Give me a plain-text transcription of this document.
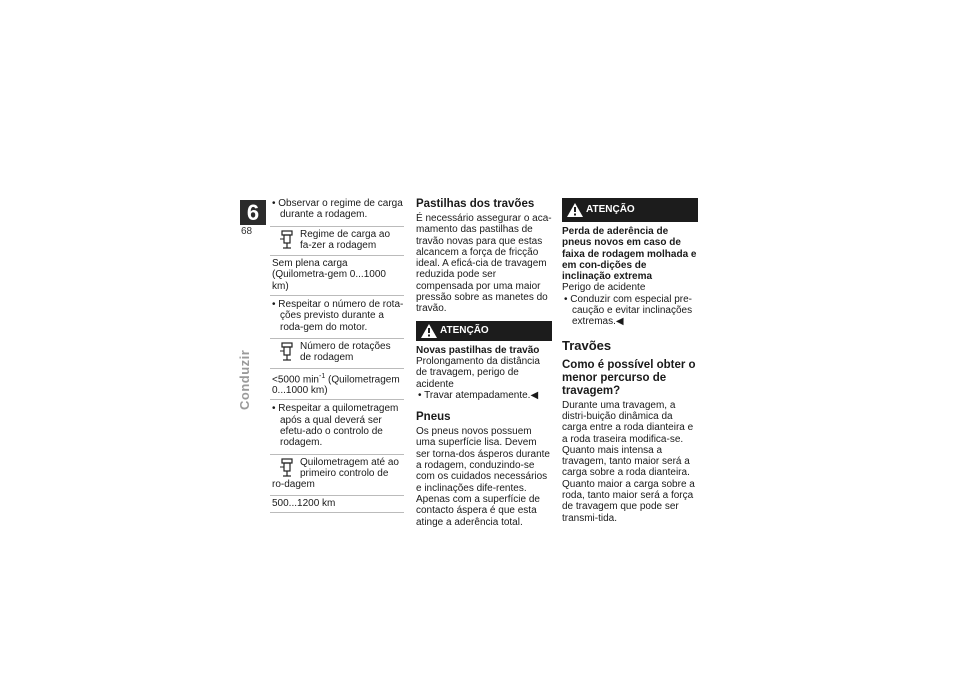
6
68
Conduzir
• Observar o regime de carga durante a rodagem.
Regime de carga ao fa-zer a rodagem
Sem plena carga (Quilometra-gem 0...1000 km)
• Respeitar o número de rota-ções previsto durante a roda-gem do motor.
Número de rotações de rodagem
<5000 $\min^{-1}$ (Quilometragem 0...1000 km)
• Respeitar a quilometragem após a qual deverá ser efetu-ado o controlo de rodagem.
Quilometragem até ao primeiro controlo de ro-dagem
500...1200 km
Pastilhas dos travões
É necessário assegurar o aca-mamento das pastilhas de travão novas para que estas alcancem a força de fricção ideal. A eficá-cia de travagem reduzida pode ser compensada por uma maior pressão sobre as manetes do travão.
ATENÇÃO
Novas pastilhas de travão
Prolongamento da distância de travagem, perigo de acidente
• Travar atempadamente.◀
Pneus
Os pneus novos possuem uma superfície lisa. Devem ser torna-dos ásperos durante a rodagem, conduzindo-se com os cuidados necessários e inclinações dife-rentes. Apenas com a superfície de contacto áspera é que esta atinge a aderência total.
ATENÇÃO
Perda de aderência de pneus novos em caso de faixa de rodagem molhada e em con-dições de inclinação extrema
Perigo de acidente
• Conduzir com especial pre-caução e evitar inclinações extremas.◀
Travões
Como é possível obter o menor percurso de travagem?
Durante uma travagem, a distri-buição dinâmica da carga entre a roda dianteira e a roda traseira modifica-se. Quanto mais intensa a travagem, tanto maior será a carga sobre a roda dianteira. Quanto maior a carga sobre a roda, tanto maior será a força de travagem que pode ser transmi-tida.
